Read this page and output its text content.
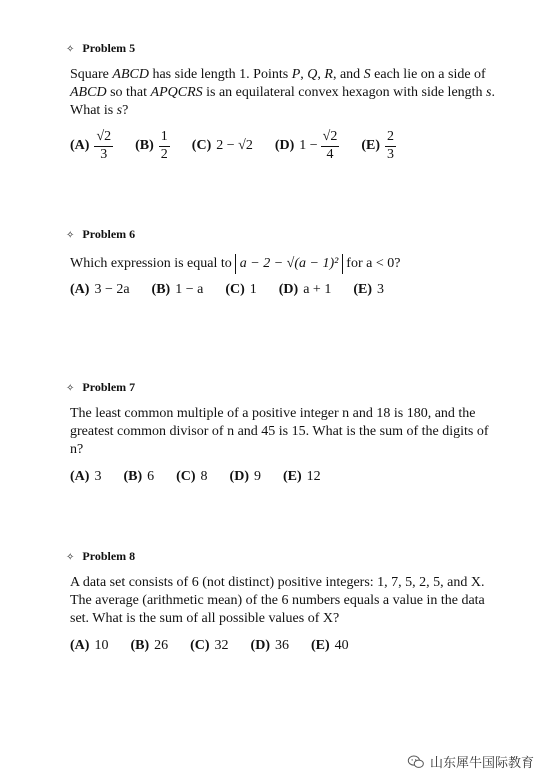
✧ Problem 5
Square ABCD has side length 1. Points P, Q, R, and S each lie on a side of ABCD so that APQCRS is an equilateral convex hexagon with side length s. What is s?
$(A) \frac{√2}{3} (B) \frac{1}{2} (C) 2 - √2$ (D) $1 - \frac{√2}{4} (E) \frac{2}{3}$
✧ Problem 6
Which expression is equal to a − 2 − √(a − 1)² for a < 0?
(A) 3 − 2a (B) 1 − a (C) 1 (D) a + 1 (E) 3
✧ Problem 7
The least common multiple of a positive integer n and 18 is 180, and the greatest common divisor of n and 45 is 15. What is the sum of the digits of n?
(A) 3 (B) 6 (C) 8 (D) 9 (E) 12
✧ Problem 8
A data set consists of 6 (not distinct) positive integers: 1, 7, 5, 2, 5, and X. The average (arithmetic mean) of the 6 numbers equals a value in the data set. What is the sum of all possible values of X?
(A) 10 (B) 26 (C) 32 (D) 36 (E) 40
山东犀牛国际教育
